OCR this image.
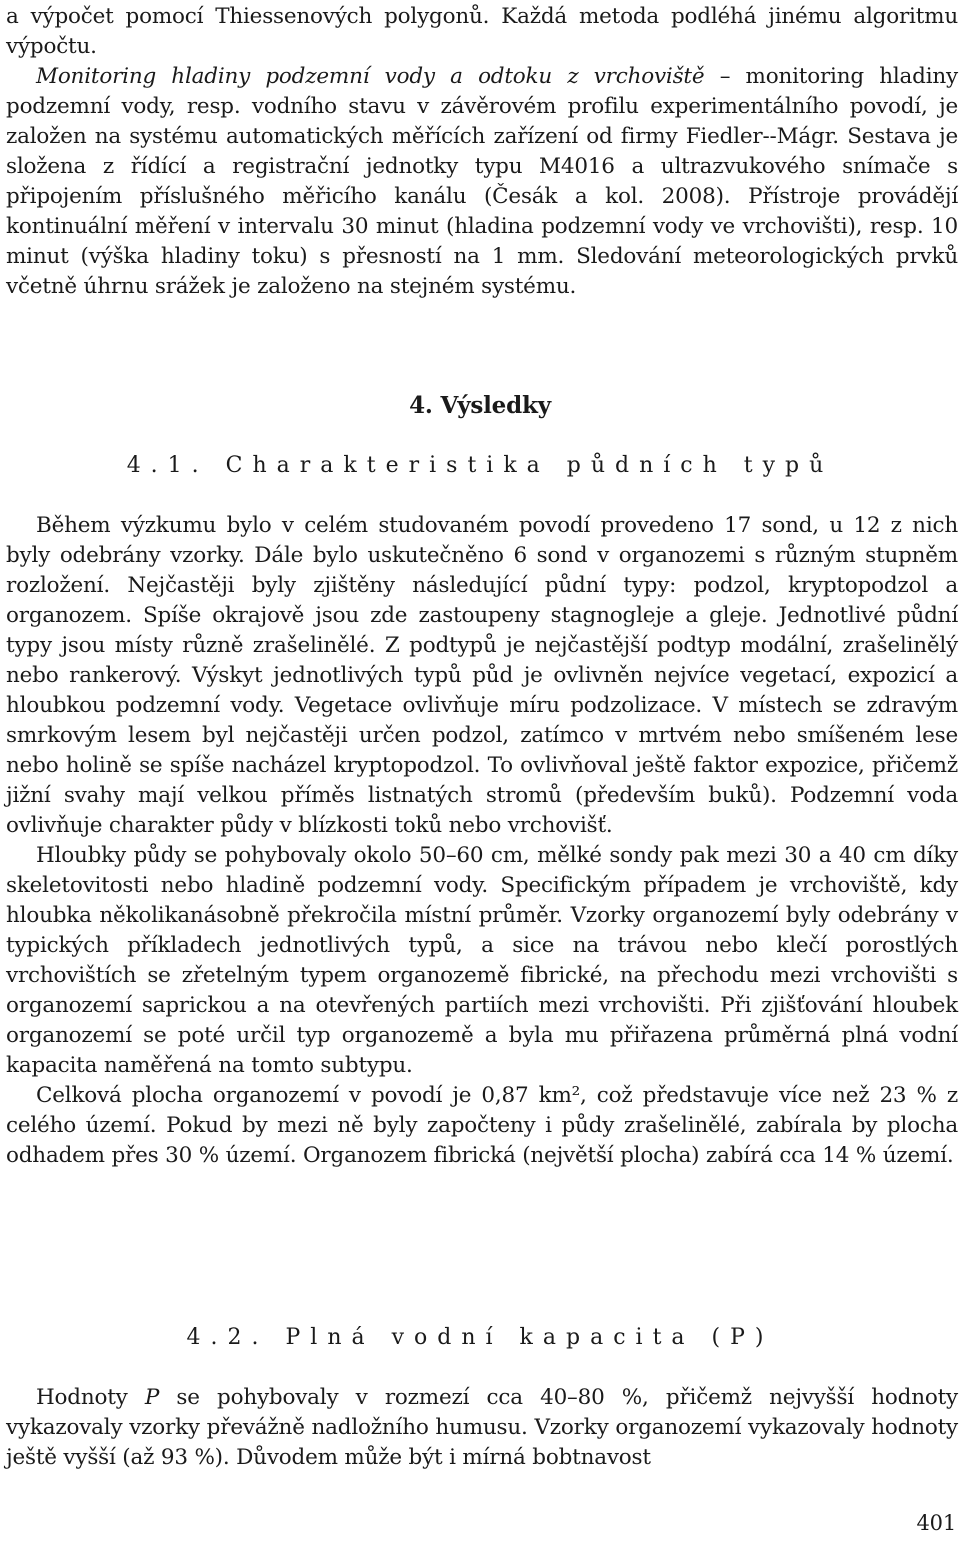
a výpočet pomocí Thiessenových polygonů. Každá metoda podléhá jinému algoritmu výpočtu.

Monitoring hladiny podzemní vody a odtoku z vrchoviště – monitoring hladiny podzemní vody, resp. vodního stavu v závěrovém profilu experimentálního povodí, je založen na systému automatických měřících zařízení od firmy Fiedler--Mágr. Sestava je složena z řídící a registrační jednotky typu M4016 a ultrazvukového snímače s připojením příslušného měřicího kanálu (Česák a kol. 2008). Přístroje provádějí kontinuální měření v intervalu 30 minut (hladina podzemní vody ve vrchovišti), resp. 10 minut (výška hladiny toku) s přesností na 1 mm. Sledování meteorologických prvků včetně úhrnu srážek je založeno na stejném systému.

4. Výsledky
4.1. Charakteristika půdních typů

Během výzkumu bylo v celém studovaném povodí provedeno 17 sond, u 12 z nich byly odebrány vzorky. Dále bylo uskutečněno 6 sond v organozemi s různým stupněm rozložení. Nejčastěji byly zjištěny následující půdní typy: podzol, kryptopodzol a organozem. Spíše okrajově jsou zde zastoupeny stagnogleje a gleje. Jednotlivé půdní typy jsou místy různě zrašelinělé. Z podtypů je nejčastější podtyp modální, zrašelinělý nebo rankerový. Výskyt jednotlivých typů půd je ovlivněn nejvíce vegetací, expozicí a hloubkou podzemní vody. Vegetace ovlivňuje míru podzolizace. V místech se zdravým smrkovým lesem byl nejčastěji určen podzol, zatímco v mrtvém nebo smíšeném lese nebo holině se spíše nacházel kryptopodzol. To ovlivňoval ještě faktor expozice, přičemž jižní svahy mají velkou příměs listnatých stromů (především buků). Podzemní voda ovlivňuje charakter půdy v blízkosti toků nebo vrchovišť.

Hloubky půdy se pohybovaly okolo 50–60 cm, mělké sondy pak mezi 30 a 40 cm díky skeletovitosti nebo hladině podzemní vody. Specifickým případem je vrchoviště, kdy hloubka několikanásobně překročila místní průměr. Vzorky organozemí byly odebrány v typických příkladech jednotlivých typů, a sice na trávou nebo klečí porostlých vrchovištích se zřetelným typem organozemě fibrické, na přechodu mezi vrchovišti s organozemí saprickou a na otevřených partiích mezi vrchovišti. Při zjišťování hloubek organozemí se poté určil typ organozemě a byla mu přiřazena průměrná plná vodní kapacita naměřená na tomto subtypu.

Celková plocha organozemí v povodí je 0,87 km², což představuje více než 23 % z celého území. Pokud by mezi ně byly započteny i půdy zrašelinělé, zabírala by plocha odhadem přes 30 % území. Organozem fibrická (největší plocha) zabírá cca 14 % území.

4.2. Plná vodní kapacita (P)

Hodnoty P se pohybovaly v rozmezí cca 40–80 %, přičemž nejvyšší hodnoty vykazovaly vzorky převážně nadložního humusu. Vzorky organozemí vykazovaly hodnoty ještě vyšší (až 93 %). Důvodem může být i mírná bobtnavost

401
